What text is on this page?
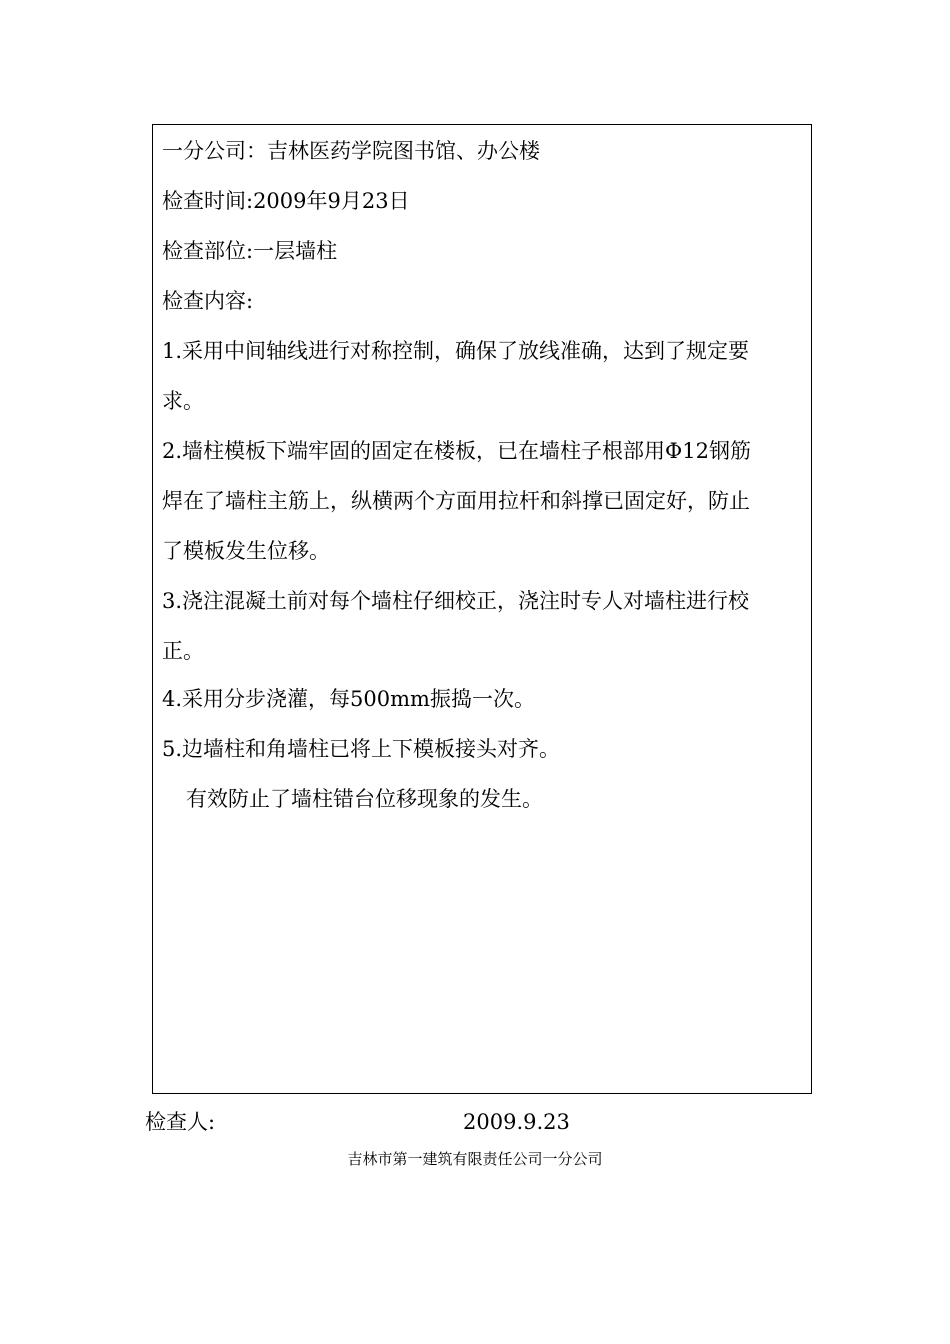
一分公司：吉林医药学院图书馆、办公楼
检查时间:2009年9月23日
检查部位:一层墙柱
检查内容:
1.采用中间轴线进行对称控制，确保了放线准确，达到了规定要
求。
2.墙柱模板下端牢固的固定在楼板，已在墙柱子根部用Φ12钢筋
焊在了墙柱主筋上，纵横两个方面用拉杆和斜撑已固定好，防止
了模板发生位移。
3.浇注混凝土前对每个墙柱仔细校正，浇注时专人对墙柱进行校
正。
4.采用分步浇灌，每500mm振捣一次。
5.边墙柱和角墙柱已将上下模板接头对齐。
有效防止了墙柱错台位移现象的发生。
检查人:	2009.9.23
吉林市第一建筑有限责任公司一分公司
